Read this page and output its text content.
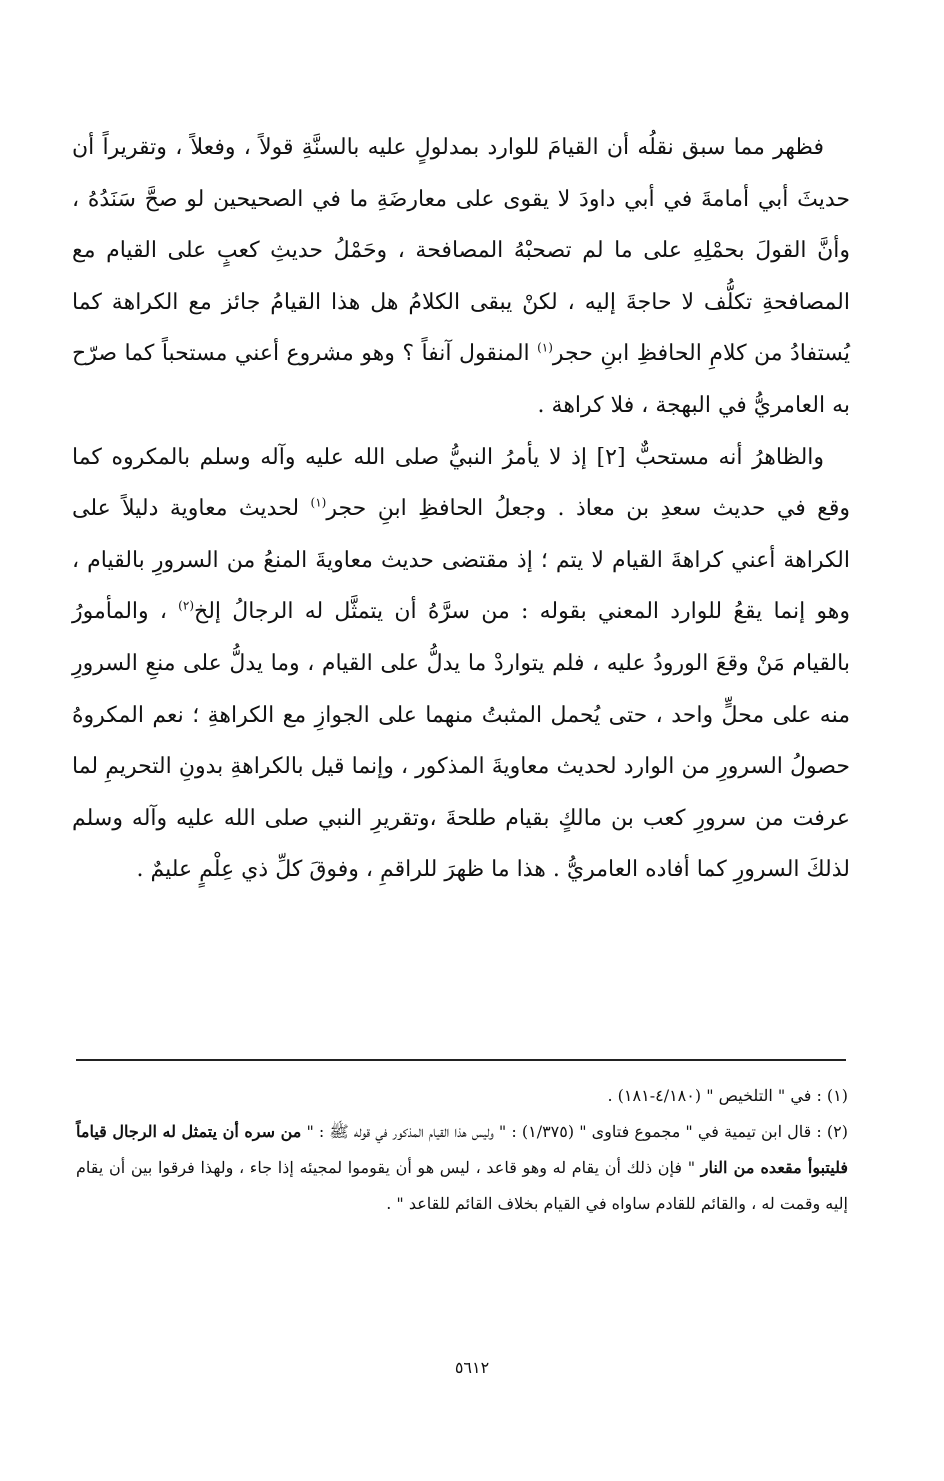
فظهر مما سبق نقلُه أن القيامَ للوارد بمدلولٍ عليه بالسنَّةِ قولاً ، وفعلاً ، وتقريراً أن حديثَ أبي أمامةَ في أبي داودَ لا يقوى على معارضَةِ ما في الصحيحين لو صحَّ سَنَدُهُ ، وأنَّ القولَ بحمْلِهِ على ما لم تصحبْهُ المصافحة ، وحَمْلُ حديثِ كعبٍ على القيام مع المصافحةِ تكلُّف لا حاجةَ إليه ، لكنْ يبقى الكلامُ هل هذا القيامُ جائز مع الكراهة كما يُستفادُ من كلامِ الحافظِ ابنِ حجر$^{(١)}$ المنقول آنفاً ؟ وهو مشروع أعني مستحباً كما صرّح به العامريُّ في البهجة ، فلا كراهة .

والظاهرُ أنه مستحبٌّ [٢] إذ لا يأمرُ النبيُّ صلى الله عليه وآله وسلم بالمكروه كما وقع في حديث سعدِ بن معاذ . وجعلُ الحافظِ ابنِ حجر$^{(١)}$ لحديث معاوية دليلاً على الكراهة أعني كراهةَ القيام لا يتم ؛ إذ مقتضى حديث معاويةَ المنعُ من السرورِ بالقيام ، وهو إنما يقعُ للوارد المعني بقوله : من سرَّهُ أن يتمثَّل له الرجالُ إلخ$^{(٢)}$ ، والمأمورُ بالقيام مَنْ وقعَ الورودُ عليه ، فلم يتواردْ ما يدلُّ على القيام ، وما يدلُّ على منعِ السرورِ منه على محلٍّ واحد ، حتى يُحمل المثبتُ منهما على الجوازِ مع الكراهةِ ؛ نعم المكروهُ حصولُ السرورِ من الوارد لحديث معاويةَ المذكور ، وإنما قيل بالكراهةِ بدونِ التحريمِ لما عرفت من سرورِ كعب بن مالكٍ بقيام طلحةَ ،وتقريرِ النبي صلى الله عليه وآله وسلم لذلكَ السرورِ كما أفاده العامريُّ . هذا ما ظهرَ للراقمِ ، وفوقَ كلِّ ذي عِلْمٍ عليمٌ .

(١) : في " التلخيص " (٤/١٨٠-١٨١) .

(٢) : قال ابن تيمية في " مجموع فتاوى " (١/٣٧٥) : " وليس هذا القيام المذكور في قوله ﷺ : " من سره أن يتمثل له الرجال قياماً فليتبوأ مقعده من النار " فإن ذلك أن يقام له وهو قاعد ، ليس هو أن يقوموا لمجيئه إذا جاء ، ولهذا فرقوا بين أن يقام إليه وقمت له ، والقائم للقادم ساواه في القيام بخلاف القائم للقاعد " .

٥٦١٢
